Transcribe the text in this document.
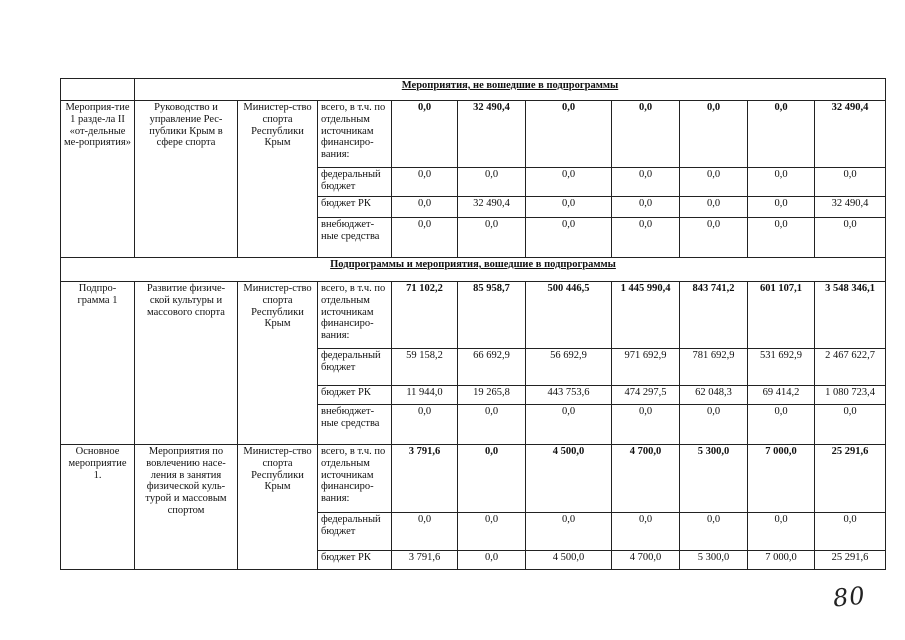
	Мероприятия, не вошедшие в подпрограммы									
Мероприя-тие 1 разде-ла II «от-дельные ме-роприятия»	Руководство и управление Рес-публики Крым в сфере спорта	Министер-ство спорта Республики Крым	всего, в т.ч. по отдельным источникам финансиро-вания:	0,0	32 490,4	0,0	0,0	0,0	0,0	32 490,4
			федеральный бюджет	0,0	0,0	0,0	0,0	0,0	0,0	0,0
			бюджет РК	0,0	32 490,4	0,0	0,0	0,0	0,0	32 490,4
			внебюджет-ные средства	0,0	0,0	0,0	0,0	0,0	0,0	0,0
Подпрограммы и мероприятия, вошедшие в подпрограммы										
Подпро-грамма 1	Развитие физиче-ской культуры и массового спорта	Министер-ство спорта Республики Крым	всего, в т.ч. по отдельным источникам финансиро-вания:	71 102,2	85 958,7	500 446,5	1 445 990,4	843 741,2	601 107,1	3 548 346,1
			федеральный бюджет	59 158,2	66 692,9	56 692,9	971 692,9	781 692,9	531 692,9	2 467 622,7
			бюджет РК	11 944,0	19 265,8	443 753,6	474 297,5	62 048,3	69 414,2	1 080 723,4
			внебюджет-ные средства	0,0	0,0	0,0	0,0	0,0	0,0	0,0
Основное мероприятие 1.	Мероприятия по вовлечению насе-ления в занятия физической куль-турой и массовым спортом	Министер-ство спорта Республики Крым	всего, в т.ч. по отдельным источникам финансиро-вания:	3 791,6	0,0	4 500,0	4 700,0	5 300,0	7 000,0	25 291,6
			федеральный бюджет	0,0	0,0	0,0	0,0	0,0	0,0	0,0
			бюджет РК	3 791,6	0,0	4 500,0	4 700,0	5 300,0	7 000,0	25 291,6
80
